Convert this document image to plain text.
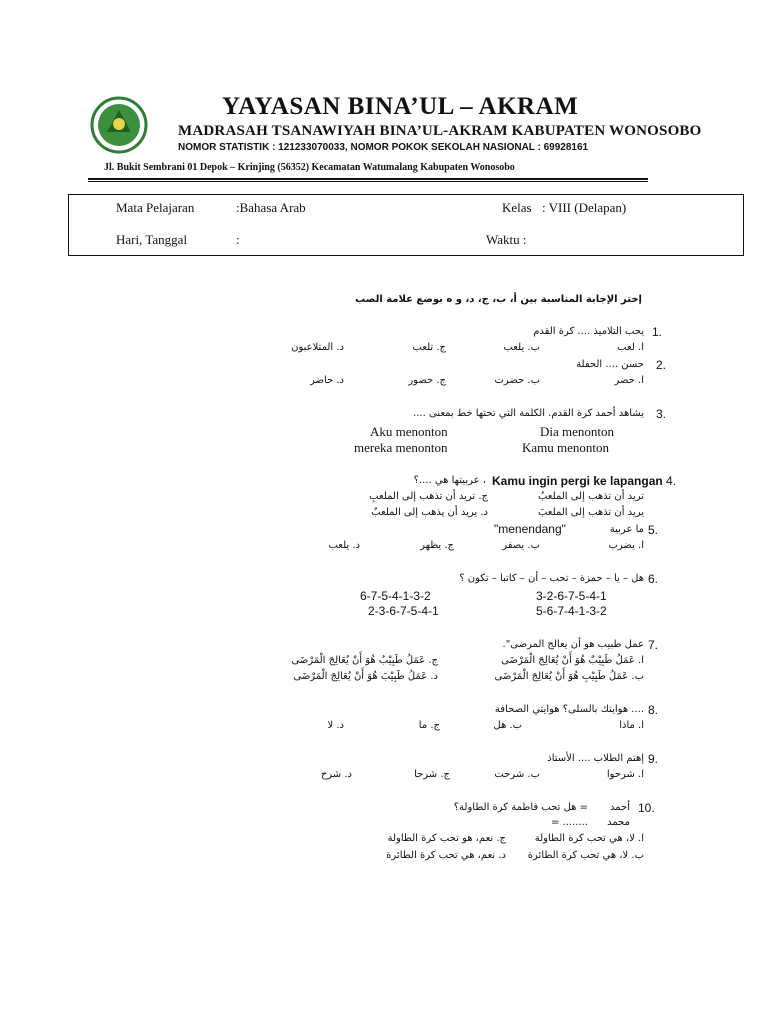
YAYASAN BINA’UL – AKRAM
MADRASAH TSANAWIYAH BINA’UL-AKRAM KABUPATEN WONOSOBO
NOMOR STATISTIK : 121233070033, NOMOR POKOK SEKOLAH NASIONAL : 69928161
Jl. Bukit Sembrani 01 Depok – Krinjing (56352) Kecamatan Watumalang Kabupaten Wonosobo
Mata Pelajaran	:Bahasa Arab	Kelas : VIII (Delapan)
Hari, Tanggal	:	Waktu :
إختر الإجابة المناسبة بين أ، ب، ج، د، و ه بوضع علامة الصب
1.
يحب التلاميذ .... كرة القدم
ا. لعب
ب. يلعب
ج. تلعب
د. المتلاعبون
2.
حسن .... الحفلة
ا. حضر
ب. حضرت
ج. حضور
د. حاضر
3.
يشاهد أحمد كرة القدم. الكلمة التي تحتها خط بمعنى ....
Dia menonton
Aku menonton
Kamu menonton
mereka menonton
4.
Kamu ingin pergi ke lapangan
، عربيتها هي ....؟
تريد أن تذهب إلى الملعبُ
ج. تريد أن تذهب إلى الملعبِ
يريد أن تذهب إلى الملعبَ
د. يريد أن يذهب إلى الملعبٌ
5.
ما عربية
"menendang"
ا. يضرب
ب. يصفر
ج. يظهر
د. يلعب
6.
هل – يا – حمزة – تحب – أن – كاتبا – تكون ؟
3-2-6-7-5-4-1
6-7-5-4-1-3-2
5-6-7-4-1-3-2
2-3-6-7-5-4-1
7.
عمل طبيب هو أن يعالج المرضى".
ا. عَمَلُ طَبِيْبٌ هُوَ أَنْ يُعَالِجَ الْمَرْضَى
ج. عَمَلُ طَبِيْبُ هُوَ أَنْ يُعَالِجَ الْمَرْضَى
ب. عَمَلُ طَبِيْبِ هُوَ أَنْ يُعَالِجَ الْمَرْضَى
د. عَمَلُ طَبِيْبَ هُوَ أَنْ يُعَالِجَ الْمَرْضَى
8.
.... هوايتك بالسلى؟ هوايتي الصحافة
ا. ماذا
ب. هل
ج. ما
د. لا
9.
إهتم الطلاب .... الأستاذ
ا. شرحوا
ب. شرحت
ج. شرحا
د. شرح
10.
أحمد
= هل تحب فاطمة كرة الطاولة؟
محمد
= ........
ا. لا، هي تحب كرة الطاولة
ج. نعم، هو تحب كرة الطاولة
ب. لا، هي تحب كرة الطائرة
د. نعم، هي تحب كرة الطائرة
